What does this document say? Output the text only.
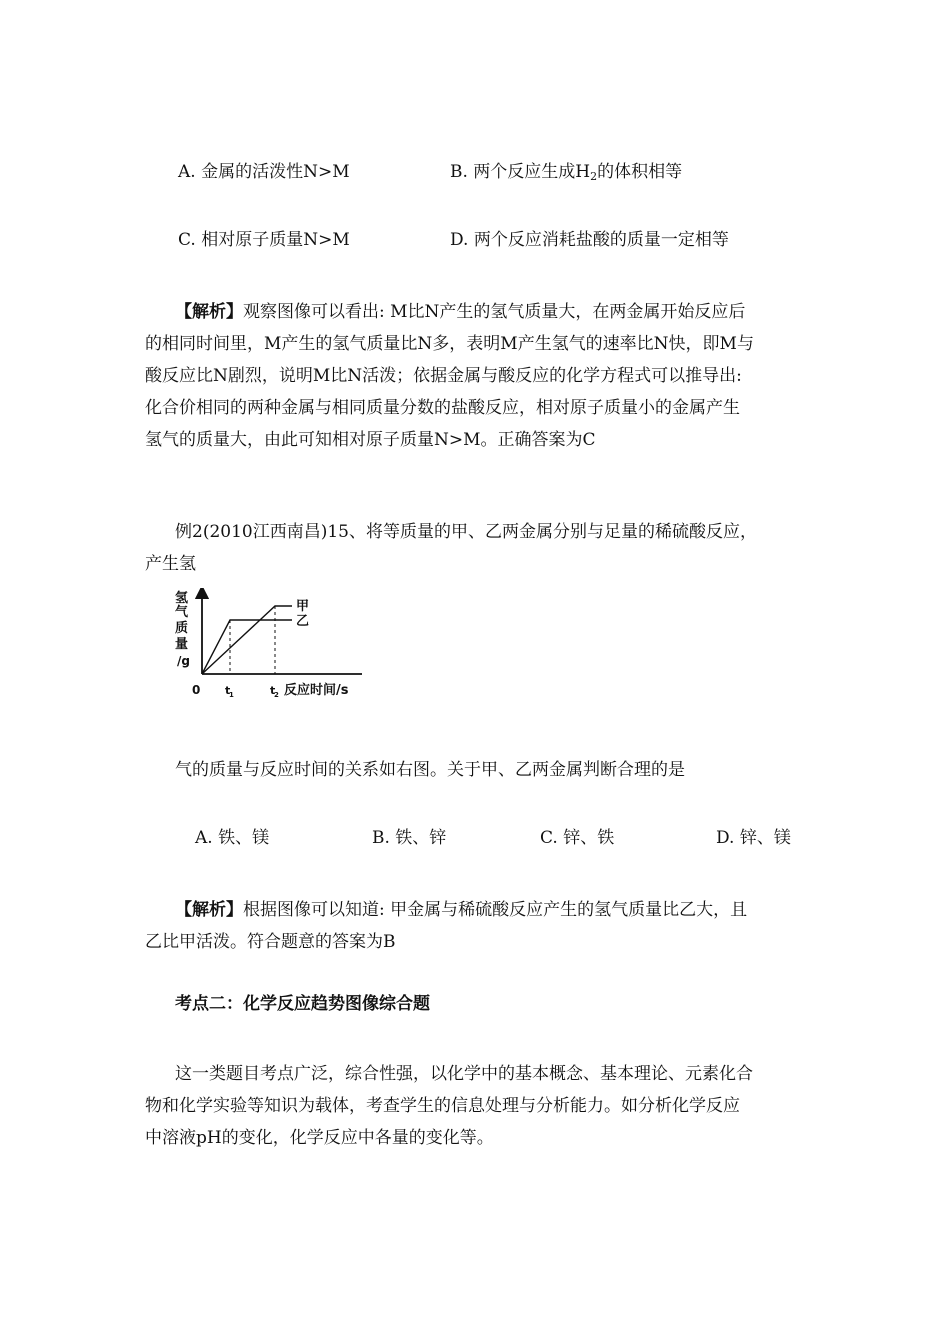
A. 金属的活泼性N>M	B. 两个反应生成$H_2$的体积相等
C. 相对原子质量N>M	D. 两个反应消耗盐酸的质量一定相等
【解析】观察图像可以看出: M比N产生的氢气质量大，在两金属开始反应后
的相同时间里，M产生的氢气质量比N多，表明M产生氢气的速率比N快，即M与
酸反应比N剧烈，说明M比N活泼；依据金属与酸反应的化学方程式可以推导出:
化合价相同的两种金属与相同质量分数的盐酸反应，相对原子质量小的金属产生
氢气的质量大，由此可知相对原子质量N>M。正确答案为C
例2(2010江西南昌)15、将等质量的甲、乙两金属分别与足量的稀硫酸反应，
产生氢
氢
气
质
量
/g
甲
乙
0 t
1	t
2 反应时间/s
气的质量与反应时间的关系如右图。关于甲、乙两金属判断合理的是
A. 铁、镁	B. 铁、锌	C. 锌、铁	D. 锌、镁
【解析】根据图像可以知道: 甲金属与稀硫酸反应产生的氢气质量比乙大，且
乙比甲活泼。符合题意的答案为B
考点二：化学反应趋势图像综合题
这一类题目考点广泛，综合性强，以化学中的基本概念、基本理论、元素化合
物和化学实验等知识为载体，考查学生的信息处理与分析能力。如分析化学反应
中溶液pH的变化，化学反应中各量的变化等。
